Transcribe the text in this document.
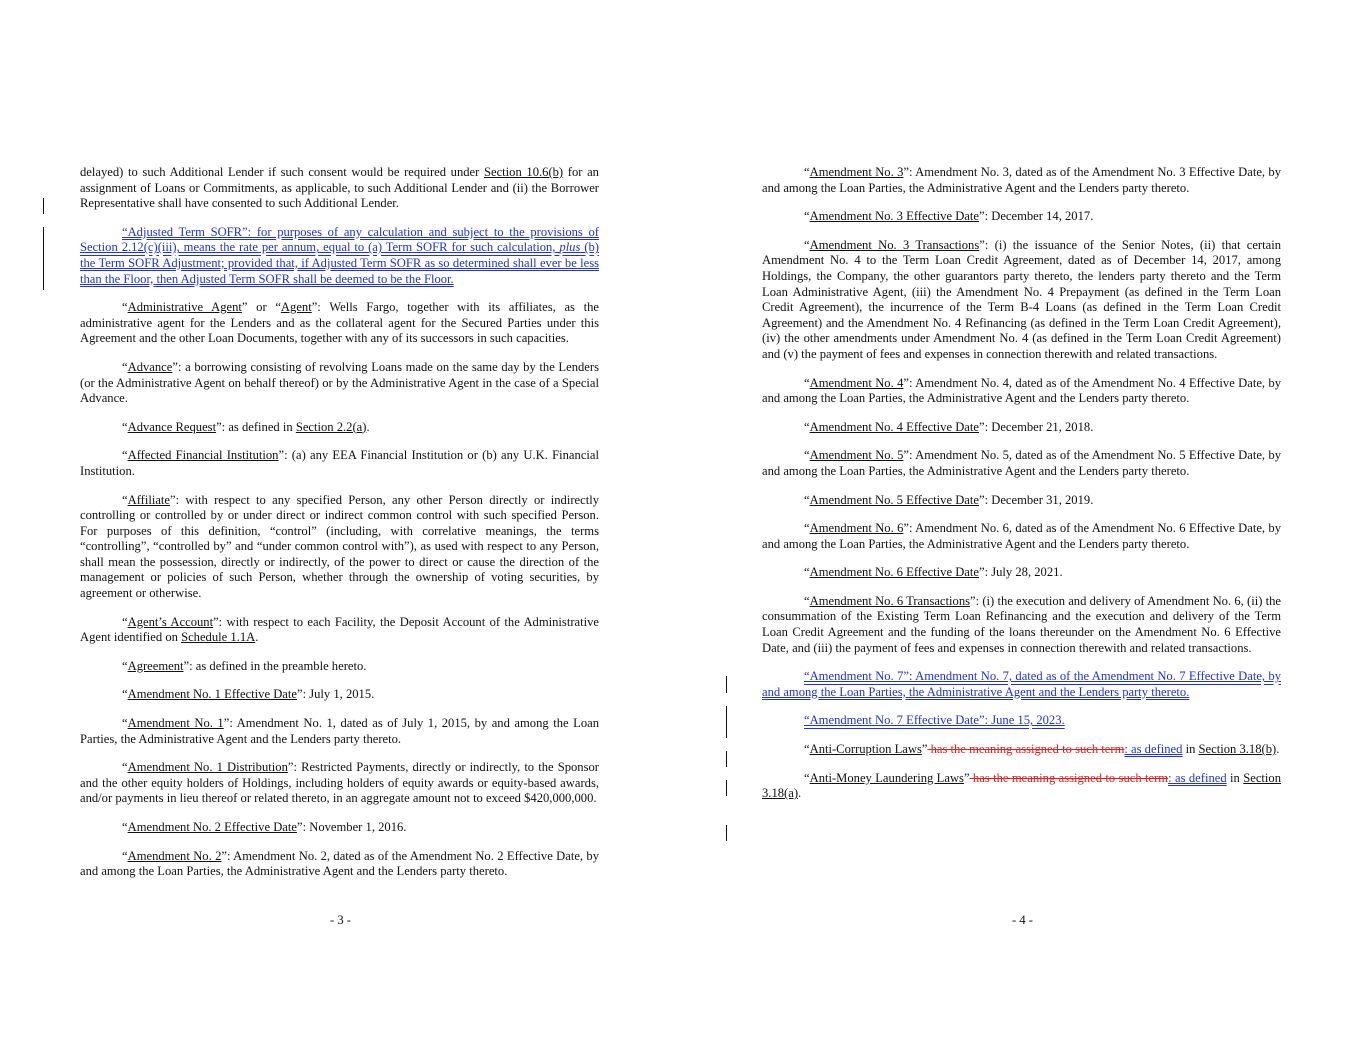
delayed) to such Additional Lender if such consent would be required under Section 10.6(b) for an assignment of Loans or Commitments, as applicable, to such Additional Lender and (ii) the Borrower Representative shall have consented to such Additional Lender.

“Adjusted Term SOFR”: for purposes of any calculation and subject to the provisions of Section 2.12(c)(iii), means the rate per annum, equal to (a) Term SOFR for such calculation, plus (b) the Term SOFR Adjustment; provided that, if Adjusted Term SOFR as so determined shall ever be less than the Floor, then Adjusted Term SOFR shall be deemed to be the Floor.

“Administrative Agent” or “Agent”: Wells Fargo, together with its affiliates, as the administrative agent for the Lenders and as the collateral agent for the Secured Parties under this Agreement and the other Loan Documents, together with any of its successors in such capacities.

“Advance”: a borrowing consisting of revolving Loans made on the same day by the Lenders (or the Administrative Agent on behalf thereof) or by the Administrative Agent in the case of a Special Advance.

“Advance Request”: as defined in Section 2.2(a).

“Affected Financial Institution”: (a) any EEA Financial Institution or (b) any U.K. Financial Institution.

“Affiliate”: with respect to any specified Person, any other Person directly or indirectly controlling or controlled by or under direct or indirect common control with such specified Person. For purposes of this definition, “control” (including, with correlative meanings, the terms “controlling”, “controlled by” and “under common control with”), as used with respect to any Person, shall mean the possession, directly or indirectly, of the power to direct or cause the direction of the management or policies of such Person, whether through the ownership of voting securities, by agreement or otherwise.

“Agent’s Account”: with respect to each Facility, the Deposit Account of the Administrative Agent identified on Schedule 1.1A.

“Agreement”: as defined in the preamble hereto.

“Amendment No. 1 Effective Date”: July 1, 2015.

“Amendment No. 1”: Amendment No. 1, dated as of July 1, 2015, by and among the Loan Parties, the Administrative Agent and the Lenders party thereto.

“Amendment No. 1 Distribution”: Restricted Payments, directly or indirectly, to the Sponsor and the other equity holders of Holdings, including holders of equity awards or equity-based awards, and/or payments in lieu thereof or related thereto, in an aggregate amount not to exceed $420,000,000.

“Amendment No. 2 Effective Date”: November 1, 2016.

“Amendment No. 2”: Amendment No. 2, dated as of the Amendment No. 2 Effective Date, by and among the Loan Parties, the Administrative Agent and the Lenders party thereto.

“Amendment No. 3”: Amendment No. 3, dated as of the Amendment No. 3 Effective Date, by and among the Loan Parties, the Administrative Agent and the Lenders party thereto.

“Amendment No. 3 Effective Date”: December 14, 2017.

“Amendment No. 3 Transactions”: (i) the issuance of the Senior Notes, (ii) that certain Amendment No. 4 to the Term Loan Credit Agreement, dated as of December 14, 2017, among Holdings, the Company, the other guarantors party thereto, the lenders party thereto and the Term Loan Administrative Agent, (iii) the Amendment No. 4 Prepayment (as defined in the Term Loan Credit Agreement), the incurrence of the Term B-4 Loans (as defined in the Term Loan Credit Agreement) and the Amendment No. 4 Refinancing (as defined in the Term Loan Credit Agreement), (iv) the other amendments under Amendment No. 4 (as defined in the Term Loan Credit Agreement) and (v) the payment of fees and expenses in connection therewith and related transactions.

“Amendment No. 4”: Amendment No. 4, dated as of the Amendment No. 4 Effective Date, by and among the Loan Parties, the Administrative Agent and the Lenders party thereto.

“Amendment No. 4 Effective Date”: December 21, 2018.

“Amendment No. 5”: Amendment No. 5, dated as of the Amendment No. 5 Effective Date, by and among the Loan Parties, the Administrative Agent and the Lenders party thereto.

“Amendment No. 5 Effective Date”: December 31, 2019.

“Amendment No. 6”: Amendment No. 6, dated as of the Amendment No. 6 Effective Date, by and among the Loan Parties, the Administrative Agent and the Lenders party thereto.

“Amendment No. 6 Effective Date”: July 28, 2021.

“Amendment No. 6 Transactions”: (i) the execution and delivery of Amendment No. 6, (ii) the consummation of the Existing Term Loan Refinancing and the execution and delivery of the Term Loan Credit Agreement and the funding of the loans thereunder on the Amendment No. 6 Effective Date, and (iii) the payment of fees and expenses in connection therewith and related transactions.

“Amendment No. 7”: Amendment No. 7, dated as of the Amendment No. 7 Effective Date, by and among the Loan Parties, the Administrative Agent and the Lenders party thereto.

“Amendment No. 7 Effective Date”: June 15, 2023.

“Anti-Corruption Laws” has the meaning assigned to such term: as defined in Section 3.18(b).

“Anti-Money Laundering Laws” has the meaning assigned to such term: as defined in Section 3.18(a).

- 3 -	- 4 -
